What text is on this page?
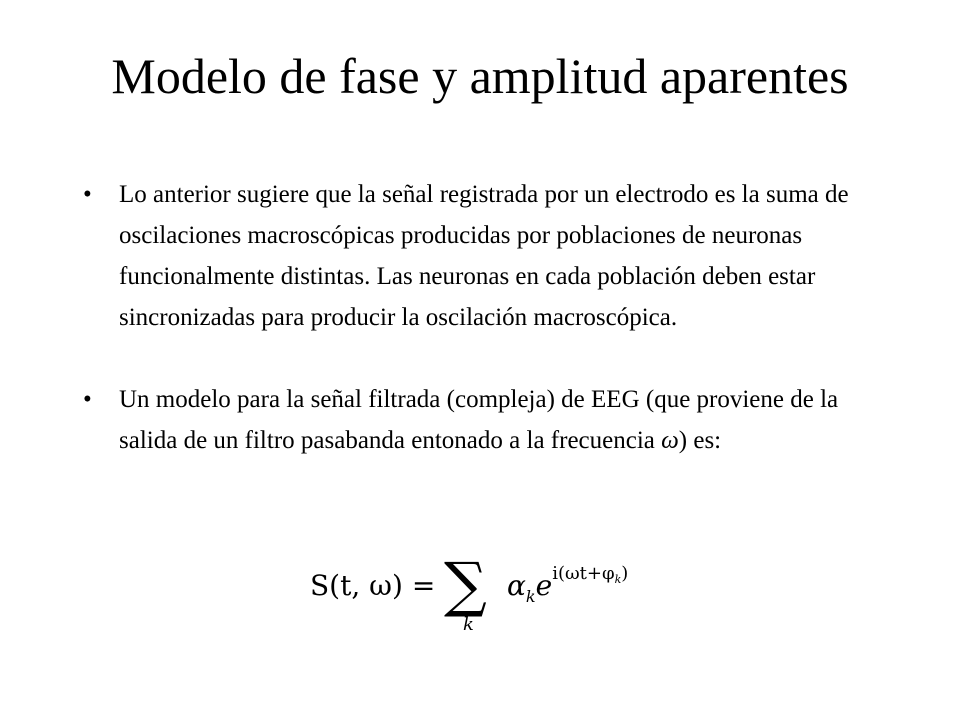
Modelo de fase y amplitud aparentes
• Lo anterior sugiere que la señal registrada por un electrodo es la suma de oscilaciones macroscópicas producidas por poblaciones de neuronas funcionalmente distintas. Las neuronas en cada población deben estar sincronizadas para producir la oscilación macroscópica.
• Un modelo para la señal filtrada (compleja) de EEG (que proviene de la salida de un filtro pasabanda entonado a la frecuencia ω) es:
S(t, ω) = ∑
k
$\alpha_ke^{i(\omega t+\varphi_k)}$
